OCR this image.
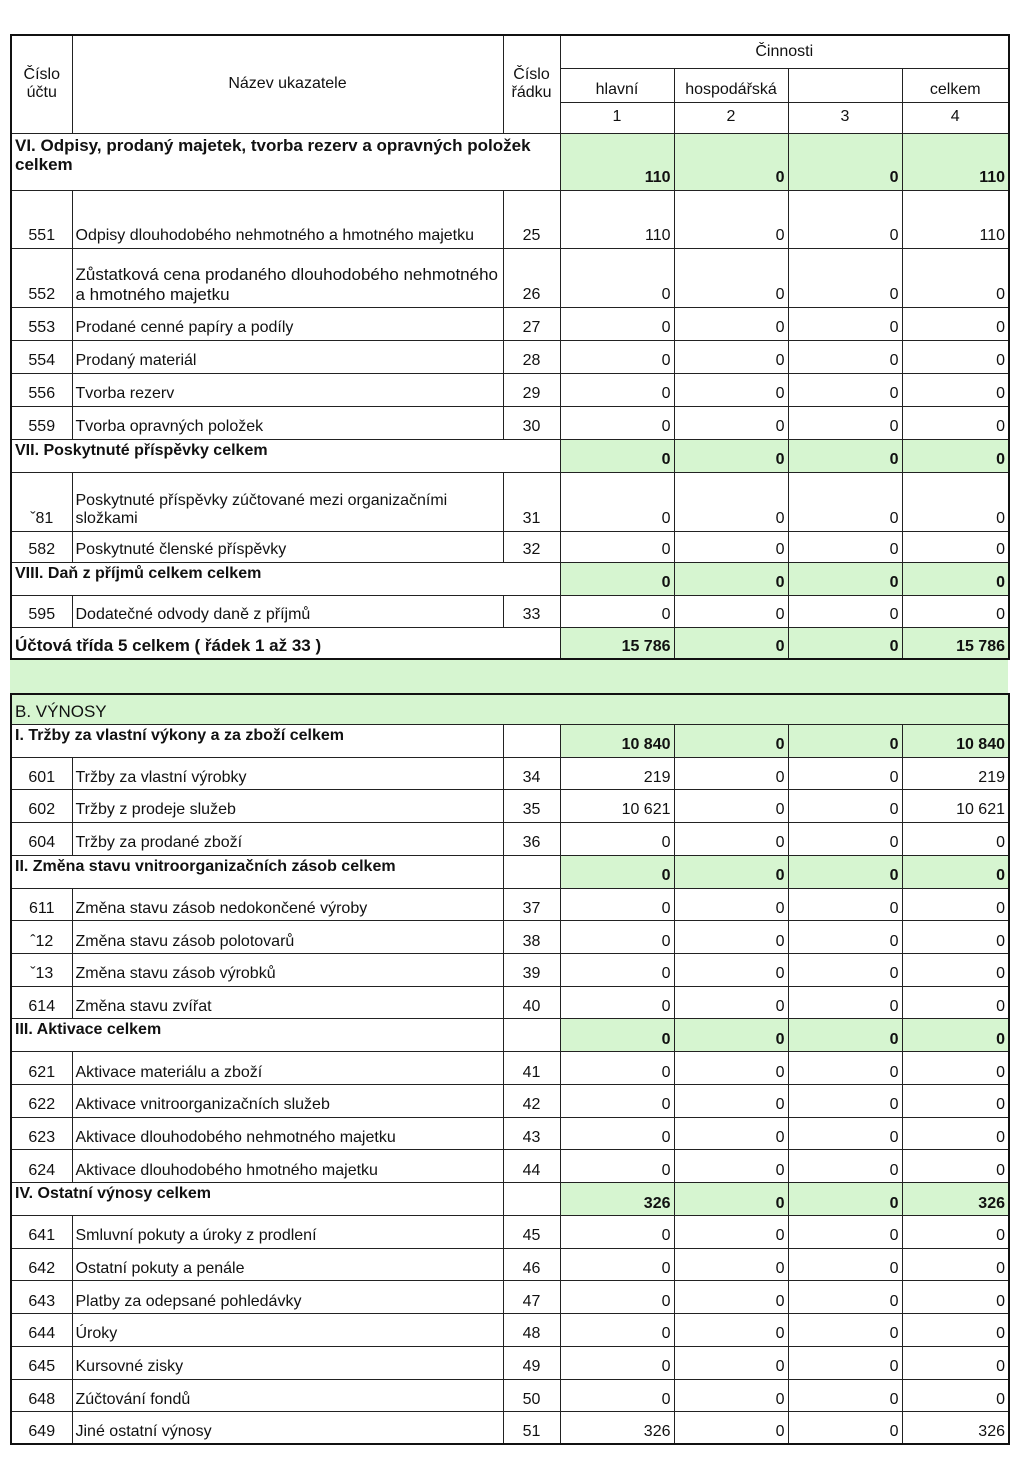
Číslo účtu	Název ukazatele	Číslo řádku	Činnosti			
			hlavní	hospodářská		celkem
			1	2	3	4
VI. Odpisy, prodaný majetek, tvorba rezerv a opravných položek celkem			110	0	0	110
551	Odpisy dlouhodobého nehmotného a hmotného majetku	25	110	0	0	110
552	Zůstatková cena prodaného dlouhodobého nehmotného a hmotného majetku	26	0	0	0	0
553	Prodané cenné papíry a podíly	27	0	0	0	0
554	Prodaný materiál	28	0	0	0	0
556	Tvorba rezerv	29	0	0	0	0
559	Tvorba opravných položek	30	0	0	0	0
VII. Poskytnuté příspěvky celkem			0	0	0	0
ˇ81	Poskytnuté příspěvky zúčtované mezi organizačními složkami	31	0	0	0	0
582	Poskytnuté členské příspěvky	32	0	0	0	0
VIII. Daň z příjmů celkem celkem			0	0	0	0
595	Dodatečné odvody daně z příjmů	33	0	0	0	0
Účtová třída 5 celkem ( řádek 1 až 33 )			15 786	0	0	15 786
B. VÝNOSY						
I. Tržby za vlastní výkony a za zboží celkem			10 840	0	0	10 840
601	Tržby za vlastní výrobky	34	219	0	0	219
602	Tržby z prodeje služeb	35	10 621	0	0	10 621
604	Tržby za prodané zboží	36	0	0	0	0
II. Změna stavu vnitroorganizačních zásob celkem			0	0	0	0
611	Změna stavu zásob nedokončené výroby	37	0	0	0	0
ˆ12	Změna stavu zásob polotovarů	38	0	0	0	0
ˇ13	Změna stavu zásob výrobků	39	0	0	0	0
614	Změna stavu zvířat	40	0	0	0	0
III. Aktivace celkem			0	0	0	0
621	Aktivace materiálu a zboží	41	0	0	0	0
622	Aktivace vnitroorganizačních služeb	42	0	0	0	0
623	Aktivace dlouhodobého nehmotného majetku	43	0	0	0	0
624	Aktivace dlouhodobého hmotného majetku	44	0	0	0	0
IV. Ostatní výnosy celkem			326	0	0	326
641	Smluvní pokuty a úroky z prodlení	45	0	0	0	0
642	Ostatní pokuty a penále	46	0	0	0	0
643	Platby za odepsané pohledávky	47	0	0	0	0
644	Úroky	48	0	0	0	0
645	Kursovné zisky	49	0	0	0	0
648	Zúčtování fondů	50	0	0	0	0
649	Jiné ostatní výnosy	51	326	0	0	326
